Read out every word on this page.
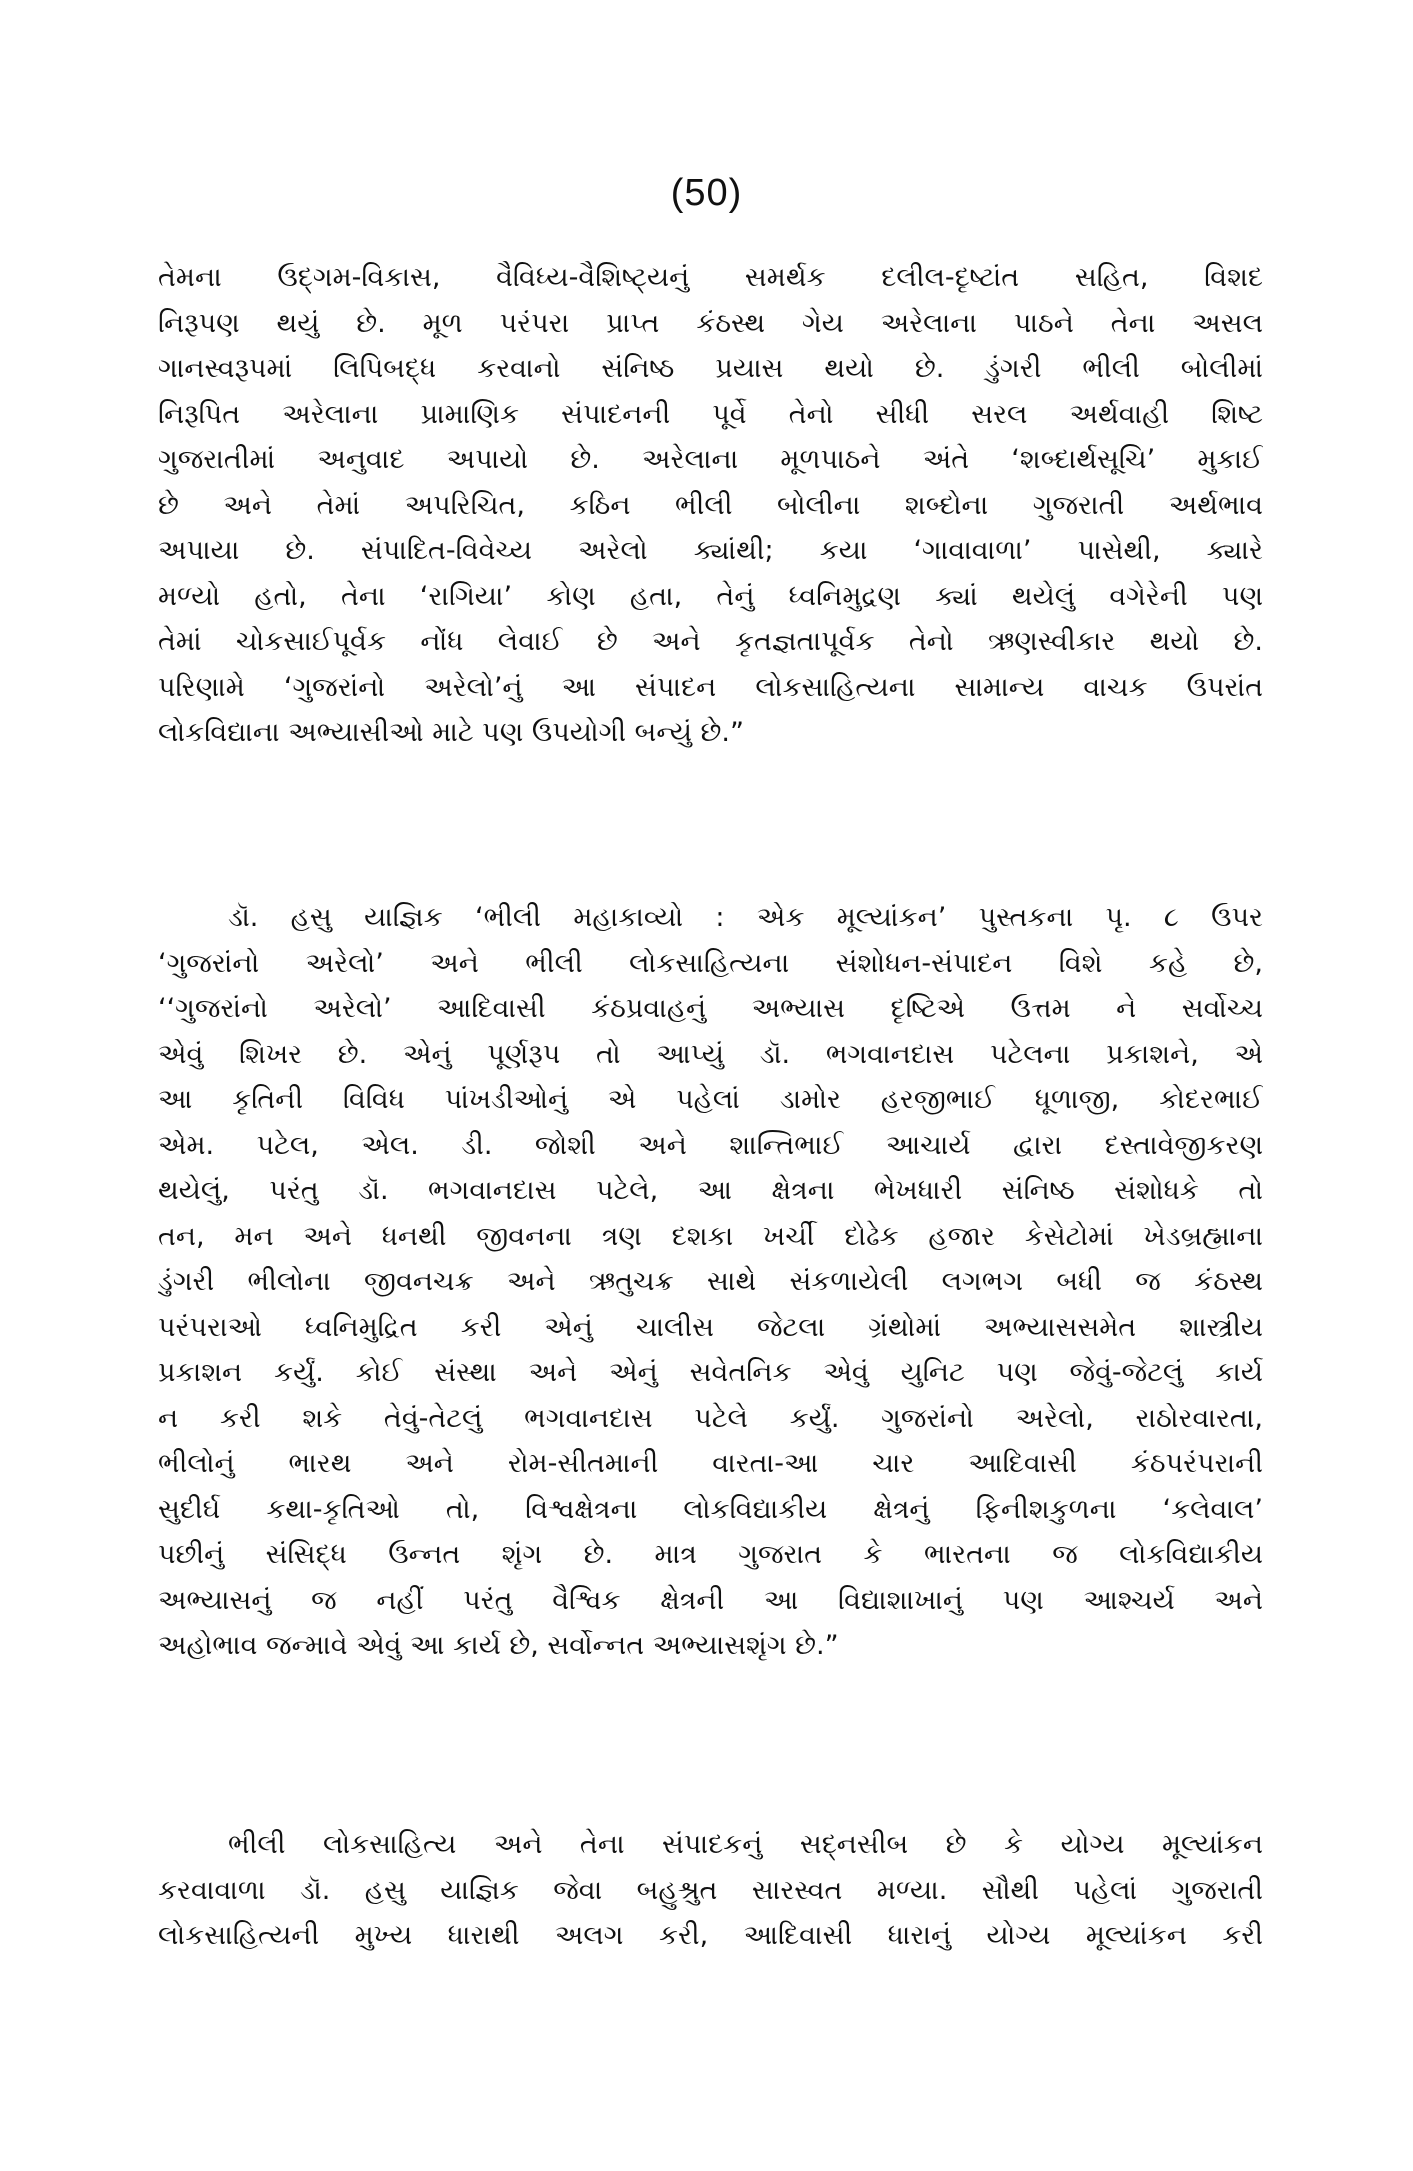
(50)
તેમના ઉદ્‌ગમ-વિકાસ, વૈવિધ્ય-વૈશિષ્ટ્યનું સમર્થક દલીલ-દૃષ્ટાંત સહિત, વિશદ
નિરૂપણ થયું છે. મૂળ પરંપરા પ્રાપ્ત કંઠસ્થ ગેય અરેલાના પાઠને તેના અસલ
ગાનસ્વરૂપમાં લિપિબદ્ધ કરવાનો સંનિષ્ઠ પ્રયાસ થયો છે. ડુંગરી ભીલી બોલીમાં
નિરૂપિત અરેલાના પ્રામાણિક સંપાદનની પૂર્વે તેનો સીધી સરલ અર્થવાહી શિષ્ટ
ગુજરાતીમાં અનુવાદ અપાયો છે. અરેલાના મૂળપાઠને અંતે ‘શબ્દાર્થસૂચિ’ મુકાઈ
છે અને તેમાં અપરિચિત, કઠિન ભીલી બોલીના શબ્દોના ગુજરાતી અર્થભાવ
અપાયા છે. સંપાદિત-વિવેચ્ય અરેલો ક્યાંથી; કયા ‘ગાવાવાળા’ પાસેથી, ક્યારે
મળ્યો હતો, તેના ‘રાગિયા’ કોણ હતા, તેનું ધ્વનિમુદ્રણ ક્યાં થયેલું વગેરેની પણ
તેમાં ચોકસાઈપૂર્વક નોંધ લેવાઈ છે અને કૃતજ્ઞતાપૂર્વક તેનો ઋણસ્વીકાર થયો છે.
પરિણામે ‘ગુજરાંનો અરેલો’નું આ સંપાદન લોકસાહિત્યના સામાન્ય વાચક ઉપરાંત
લોકવિદ્યાના અભ્યાસીઓ માટે પણ ઉપયોગી બન્યું છે.”
ડૉ. હસુ યાજ્ઞિક ‘ભીલી મહાકાવ્યો : એક મૂલ્યાંકન’ પુસ્તકના પૃ. ૮ ઉપર
‘ગુજરાંનો અરેલો’ અને ભીલી લોકસાહિત્યના સંશોધન-સંપાદન વિશે કહે છે,
‘‘ગુજરાંનો અરેલો’ આદિવાસી કંઠપ્રવાહનું અભ્યાસ દૃષ્ટિએ ઉત્તમ ને સર્વોચ્ચ
એવું શિખર છે. એનું પૂર્ણરૂપ તો આપ્યું ડૉ. ભગવાનદાસ પટેલના પ્રકાશને, એ
આ કૃતિની વિવિધ પાંખડીઓનું એ પહેલાં ડામોર હરજીભાઈ ધૂળાજી, કોદરભાઈ
એમ. પટેલ, એલ. ડી. જોશી અને શાન્તિભાઈ આચાર્ય દ્વારા દસ્તાવેજીકરણ
થયેલું, પરંતુ ડૉ. ભગવાનદાસ પટેલે, આ ક્ષેત્રના ભેખધારી સંનિષ્ઠ સંશોધકે તો
તન, મન અને ધનથી જીવનના ત્રણ દશકા ખર્ચી દોઢેક હજાર કેસેટોમાં ખેડબ્રહ્માના
ડુંગરી ભીલોના જીવનચક્ર અને ઋતુચક્ર સાથે સંકળાયેલી લગભગ બધી જ કંઠસ્થ
પરંપરાઓ ધ્વનિમુદ્રિત કરી એનું ચાલીસ જેટલા ગ્રંથોમાં અભ્યાસસમેત શાસ્ત્રીય
પ્રકાશન કર્યું. કોઈ સંસ્થા અને એનું સવેતનિક એવું યુનિટ પણ જેવું-જેટલું કાર્ય
ન કરી શકે તેવું-તેટલું ભગવાનદાસ પટેલે કર્યું. ગુજરાંનો અરેલો, રાઠોરવારતા,
ભીલોનું ભારથ અને રોમ-સીતમાની વારતા-આ ચાર આદિવાસી કંઠપરંપરાની
સુદીર્ઘ કથા-કૃતિઓ તો, વિશ્વક્ષેત્રના લોકવિદ્યાકીય ક્ષેત્રનું ફિનીશકુળના ‘કલેવાલ’
પછીનું સંસિદ્ધ ઉન્નત શૃંગ છે. માત્ર ગુજરાત કે ભારતના જ લોકવિદ્યાકીય
અભ્યાસનું જ નહીં પરંતુ વૈશ્વિક ક્ષેત્રની આ વિદ્યાશાખાનું પણ આશ્ચર્ય અને
અહોભાવ જન્માવે એવું આ કાર્ય છે, સર્વોન્નત અભ્યાસશૃંગ છે.”
ભીલી લોકસાહિત્ય અને તેના સંપાદકનું સદ્‌નસીબ છે કે યોગ્ય મૂલ્યાંકન
કરવાવાળા ડૉ. હસુ યાજ્ઞિક જેવા બહુશ્રુત સારસ્વત મળ્યા. સૌથી પહેલાં ગુજરાતી
લોકસાહિત્યની મુખ્ય ધારાથી અલગ કરી, આદિવાસી ધારાનું યોગ્ય મૂલ્યાંકન કરી
